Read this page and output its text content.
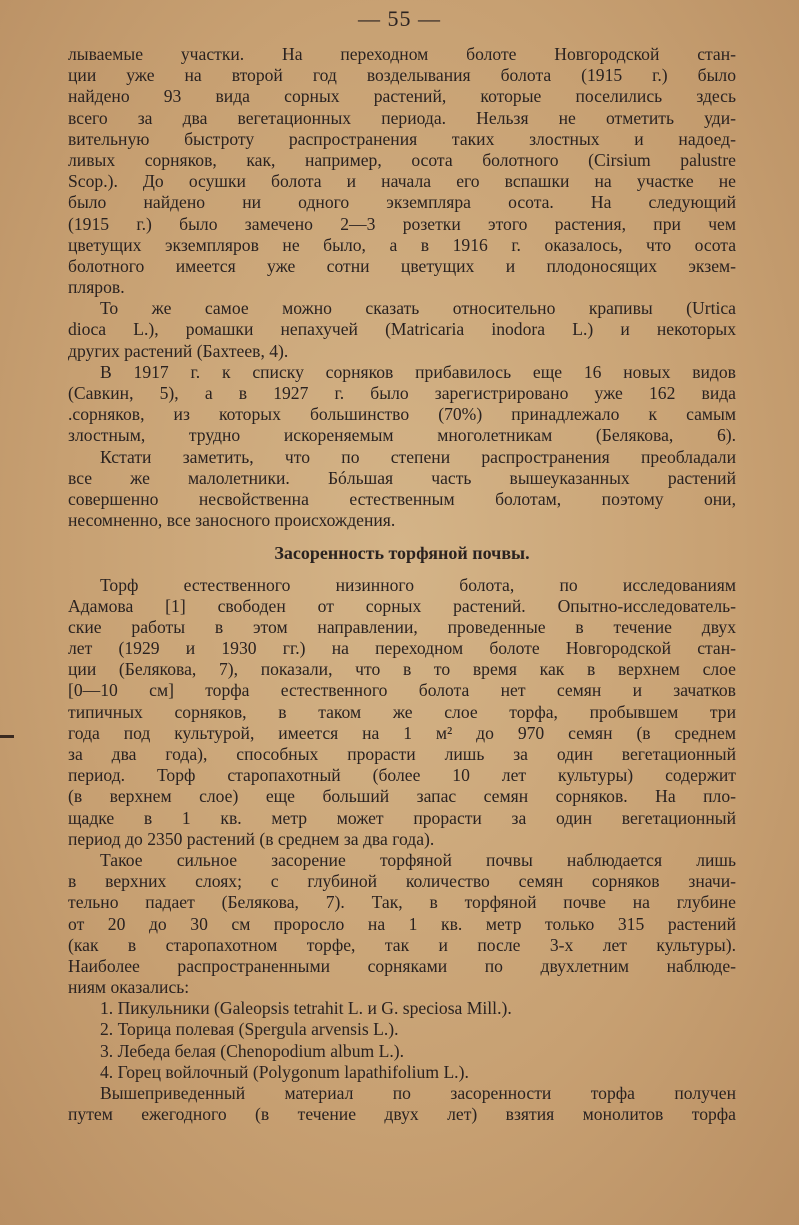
— 55 —
лываемые участки. На переходном болоте Новгородской стан-
ции уже на второй год возделывания болота (1915 г.) было
найдено 93 вида сорных растений, которые поселились здесь
всего за два вегетационных периода. Нельзя не отметить уди-
вительную быстроту распространения таких злостных и надоед-
ливых сорняков, как, например, осота болотного (Cirsium palustre
Scop.). До осушки болота и начала его вспашки на участке не
было найдено ни одного экземпляра осота. На следующий
(1915 г.) было замечено 2—3 розетки этого растения, при чем
цветущих экземпляров не было, а в 1916 г. оказалось, что осота
болотного имеется уже сотни цветущих и плодоносящих экзем-
пляров.
То же самое можно сказать относительно крапивы (Urtica
dioca L.), ромашки непахучей (Matricaria inodora L.) и некоторых
других растений (Бахтеев, 4).
В 1917 г. к списку сорняков прибавилось еще 16 новых видов
(Савкин, 5), а в 1927 г. было зарегистрировано уже 162 вида
.сорняков, из которых большинство (70%) принадлежало к самым
злостным, трудно искореняемым многолетникам (Белякова, 6).
Кстати заметить, что по степени распространения преобладали
все же малолетники. Бóльшая часть вышеуказанных растений
совершенно несвойственна естественным болотам, поэтому они,
несомненно, все заносного происхождения.
Засоренность торфяной почвы.
Торф естественного низинного болота, по исследованиям
Адамова [1] свободен от сорных растений. Опытно-исследователь-
ские работы в этом направлении, проведенные в течение двух
лет (1929 и 1930 гг.) на переходном болоте Новгородской стан-
ции (Белякова, 7), показали, что в то время как в верхнем слое
[0—10 см] торфа естественного болота нет семян и зачатков
типичных сорняков, в таком же слое торфа, пробывшем три
года под культурой, имеется на 1 м² до 970 семян (в среднем
за два года), способных прорасти лишь за один вегетационный
период. Торф старопахотный (более 10 лет культуры) содержит
(в верхнем слое) еще больший запас семян сорняков. На пло-
щадке в 1 кв. метр может прорасти за один вегетационный
период до 2350 растений (в среднем за два года).
Такое сильное засорение торфяной почвы наблюдается лишь
в верхних слоях; с глубиной количество семян сорняков значи-
тельно падает (Белякова, 7). Так, в торфяной почве на глубине
от 20 до 30 см проросло на 1 кв. метр только 315 растений
(как в старопахотном торфе, так и после 3-х лет культуры).
Наиболее распространенными сорняками по двухлетним наблюде-
ниям оказались:
1. Пикульники (Galeopsis tetrahit L. и G. speciosa Mill.).
2. Торица полевая (Spergula arvensis L.).
3. Лебеда белая (Chenopodium album L.).
4. Горец войлочный (Polygonum lapathifolium L.).
Вышеприведенный материал по засоренности торфа получен
путем ежегодного (в течение двух лет) взятия монолитов торфа
